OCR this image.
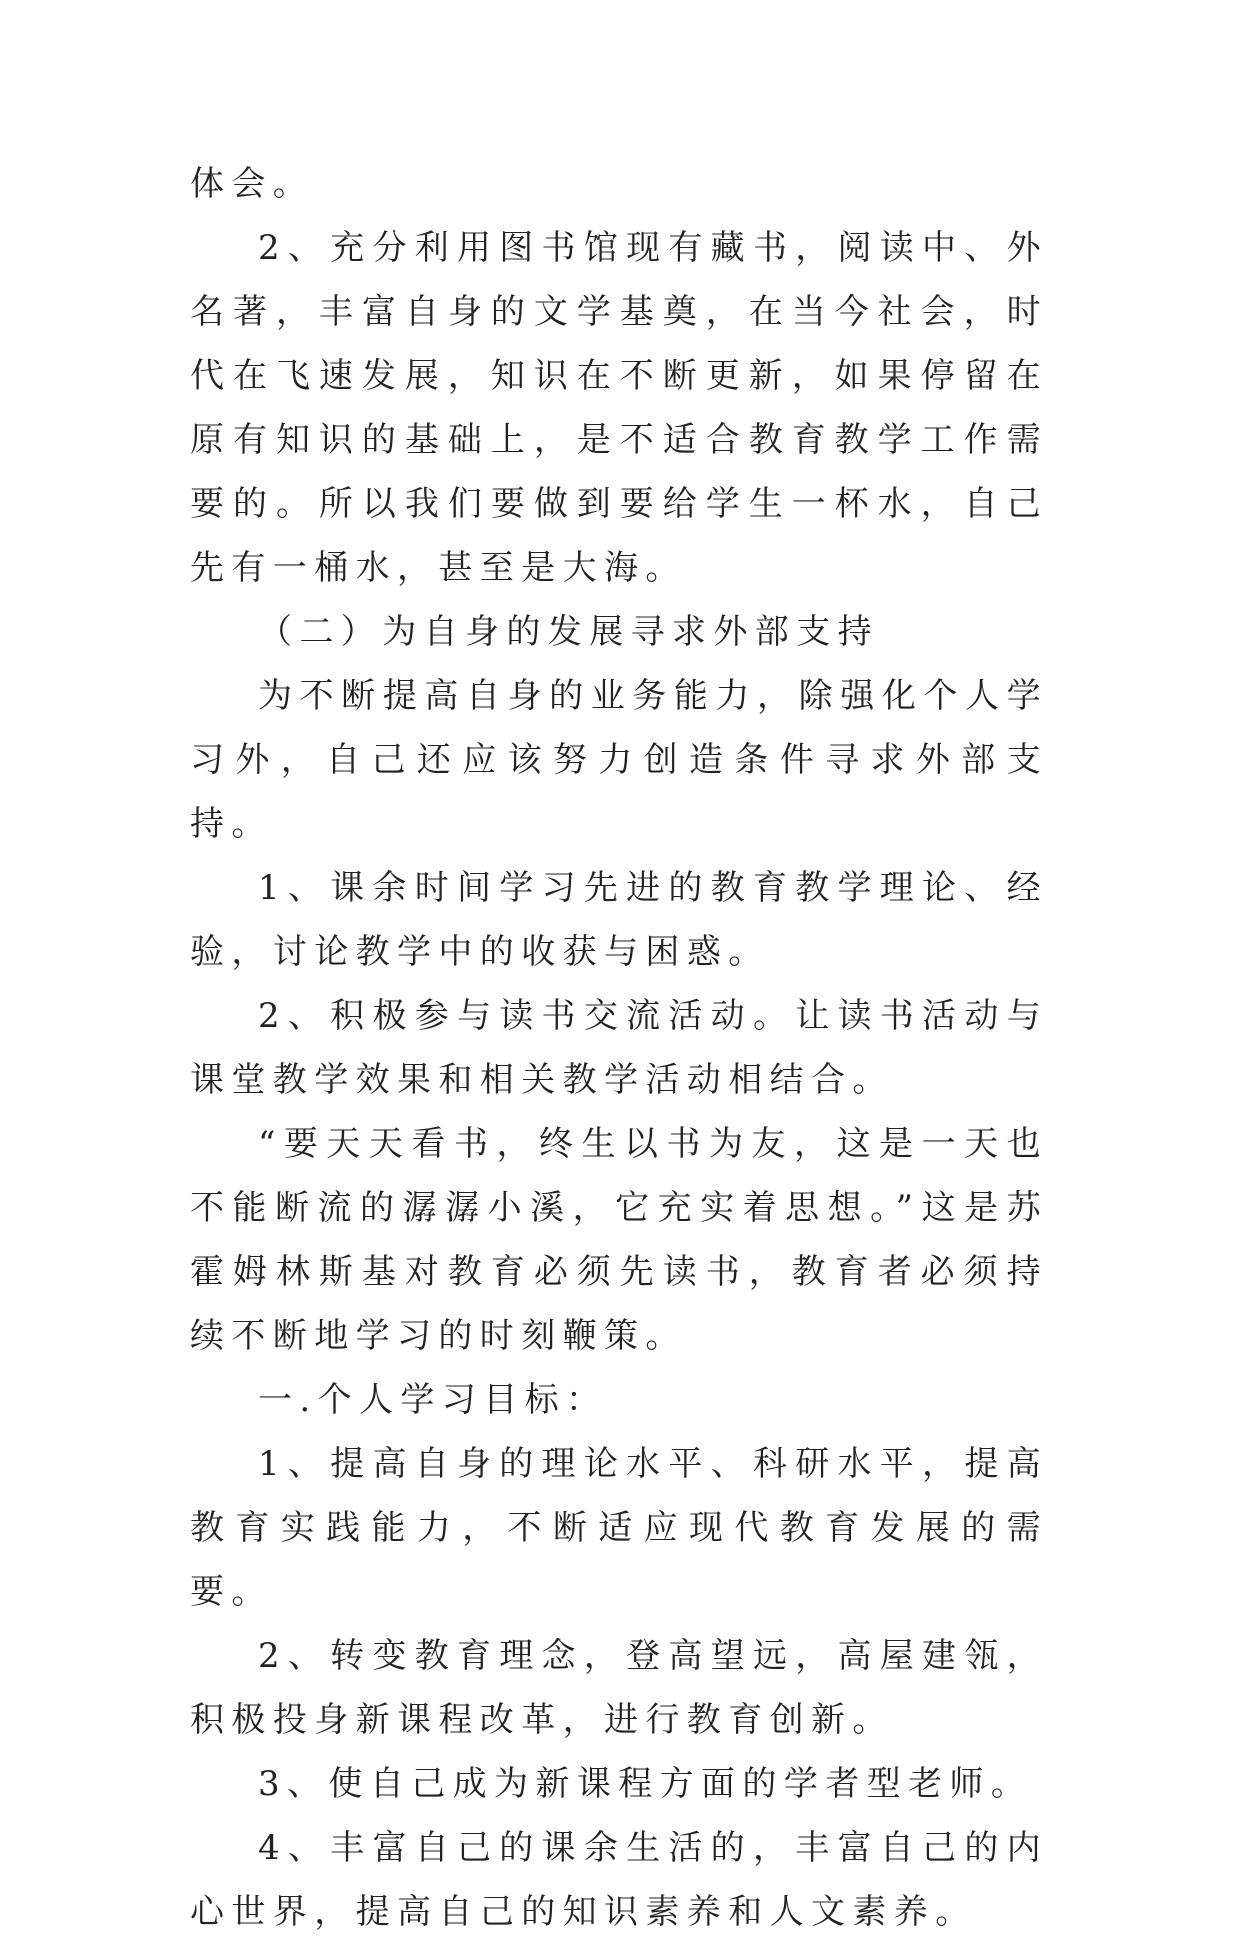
体会。

2、充分利用图书馆现有藏书，阅读中、外名著，丰富自身的文学基奠，在当今社会，时代在飞速发展，知识在不断更新，如果停留在原有知识的基础上，是不适合教育教学工作需要的。所以我们要做到要给学生一杯水，自己先有一桶水，甚至是大海。

（二）为自身的发展寻求外部支持

为不断提高自身的业务能力，除强化个人学习外，自己还应该努力创造条件寻求外部支持。

1、课余时间学习先进的教育教学理论、经验，讨论教学中的收获与困惑。

2、积极参与读书交流活动。让读书活动与课堂教学效果和相关教学活动相结合。

“要天天看书，终生以书为友，这是一天也不能断流的潺潺小溪，它充实着思想。”这是苏霍姆林斯基对教育必须先读书，教育者必须持续不断地学习的时刻鞭策。

一.个人学习目标：

1、提高自身的理论水平、科研水平，提高教育实践能力，不断适应现代教育发展的需要。

2、转变教育理念，登高望远，高屋建瓴，积极投身新课程改革，进行教育创新。

3、使自己成为新课程方面的学者型老师。

4、丰富自己的课余生活的，丰富自己的内心世界，提高自己的知识素养和人文素养。
